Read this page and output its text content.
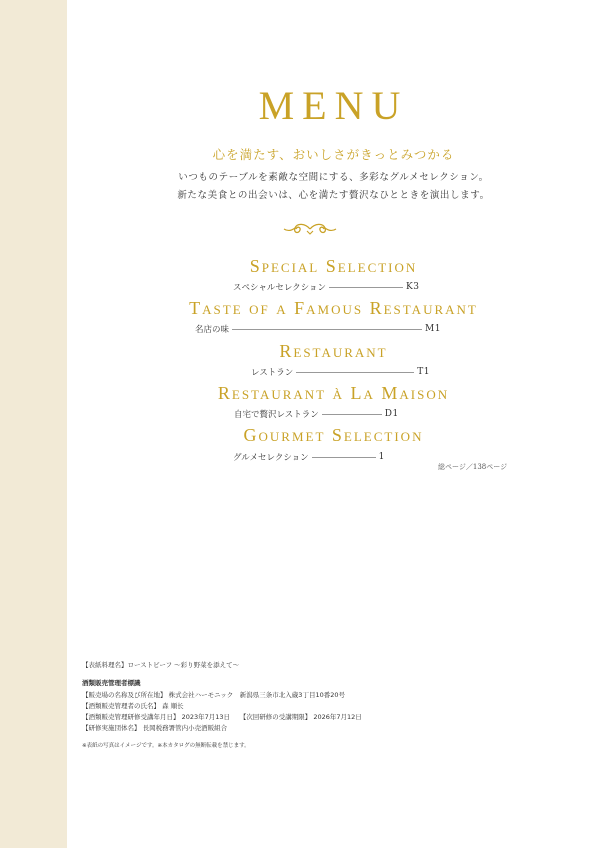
MENU
心を満たす、おいしさがきっとみつかる
いつものテーブルを素敵な空間にする、多彩なグルメセレクション。
新たな美食との出会いは、心を満たす贅沢なひとときを演出します。
Special Selection
スペシャルセレクション	K3
Taste of a Famous Restaurant
名店の味	M1
Restaurant
レストラン	T1
Restaurant à La Maison
自宅で贅沢レストラン	D1
Gourmet Selection
グルメセレクション	1
総ページ／138ページ
【表紙料理名】ローストビーフ 〜彩り野菜を添えて〜
酒類販売管理者標識
【販売場の名称及び所在地】 株式会社ハーモニック　新潟県三条市北入蔵3丁目10番20号
【酒類販売管理者の氏名】 森 順长
【酒類販売管理研修受講年月日】 2023年7月13日　　【次回研修の受講期限】 2026年7月12日
【研修実施団体名】 長岡税務署管内小売酒販組合
※表紙の写真はイメージです。※本カタログの無断転載を禁じます。
